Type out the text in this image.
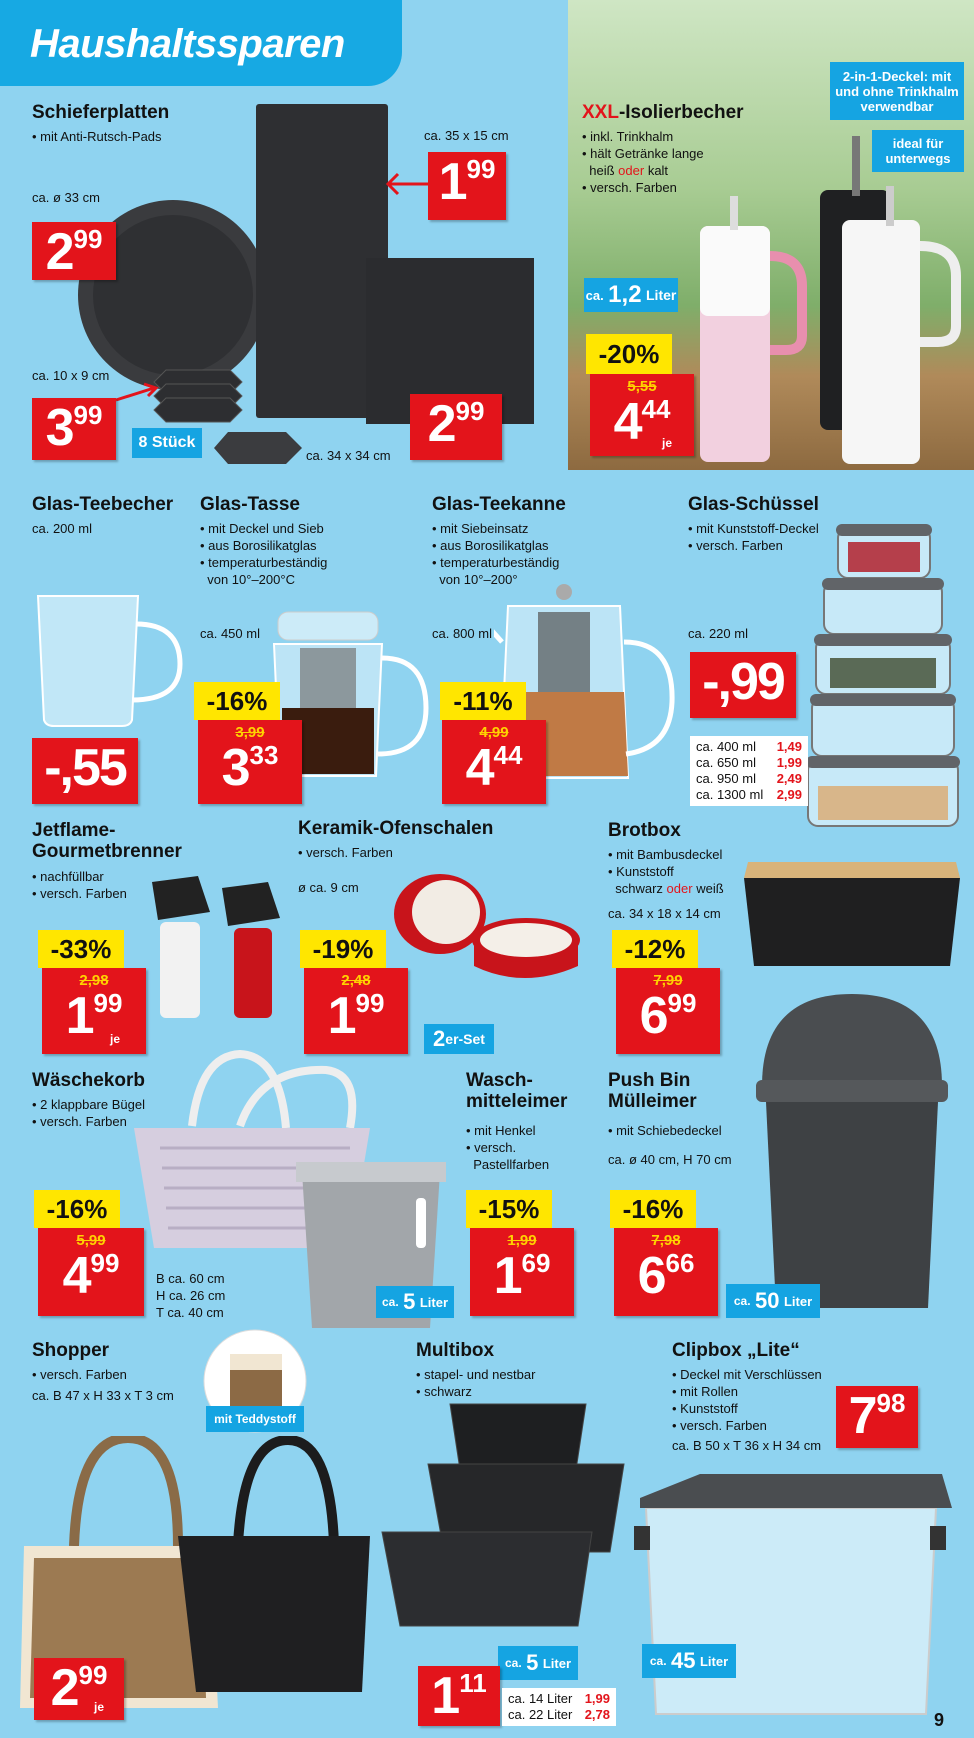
Haushaltssparen
Schieferplatten
• mit Anti-Rutsch-Pads
ca. ø 33 cm
2 99
ca. 35 x 15 cm
1 99
ca. 10 x 9 cm
3 99
8 Stück
ca. 34 x 34 cm
2 99
XXL-Isolierbecher
• inkl. Trinkhalm
• hält Getränke lange
heiß oder kalt
• versch. Farben
2-in-1-Deckel: mit und ohne Trinkhalm verwendbar
ideal für unterwegs
ca.
1,2
Liter
-20%
5,55
4 44
je
Glas-Teebecher
ca. 200 ml
- ,55
Glas-Tasse
• mit Deckel und Sieb
• aus Borosilikatglas
• temperaturbeständig
von 10°–200°C
ca. 450 ml
-16%
3,99
3 33
Glas-Teekanne
• mit Siebeinsatz
• aus Borosilikatglas
• temperaturbeständig
von 10°–200°
ca. 800 ml
-11%
4,99
4 44
Glas-Schüssel
• mit Kunststoff-Deckel
• versch. Farben
ca. 220 ml
-,99
ca. 400 ml 1,49
ca. 650 ml 1,99
ca. 950 ml 2,49
ca. 1300 ml 2,99
Jetflame-
Gourmetbrenner
• nachfüllbar
• versch. Farben
-33%
2,98
1 99
je
Keramik-Ofenschalen
• versch. Farben
ø ca. 9 cm
-19%
2,48
1 99
2 er-Set
Brotbox
• mit Bambusdeckel
• Kunststoff
schwarz oder weiß
ca. 34 x 18 x 14 cm
-12%
7,99
6 99
Wäschekorb
• 2 klappbare Bügel
• versch. Farben
-16%
5,99
4 99
B ca. 60 cm
H ca. 26 cm
T ca. 40 cm
Wasch-
mitteleimer
• mit Henkel
• versch.
Pastellfarben
ca.
5
Liter
-15%
1,99
1 69
Push Bin
Mülleimer
• mit Schiebedeckel
ca. ø 40 cm, H 70 cm
-16%
7,98
6 66
ca.
50
Liter
Shopper
• versch. Farben
ca. B 47 x H 33 x T 3 cm
mit Teddystoff
2 99
je
Multibox
• stapel- und nestbar
• schwarz
ca.
5
Liter
1 11
ca. 14 Liter 1,99
ca. 22 Liter 2,78
Clipbox „Lite“
• Deckel mit Verschlüssen
• mit Rollen
• Kunststoff
• versch. Farben
ca. B 50 x T 36 x H 34 cm
7 98
ca.
45
Liter
9
